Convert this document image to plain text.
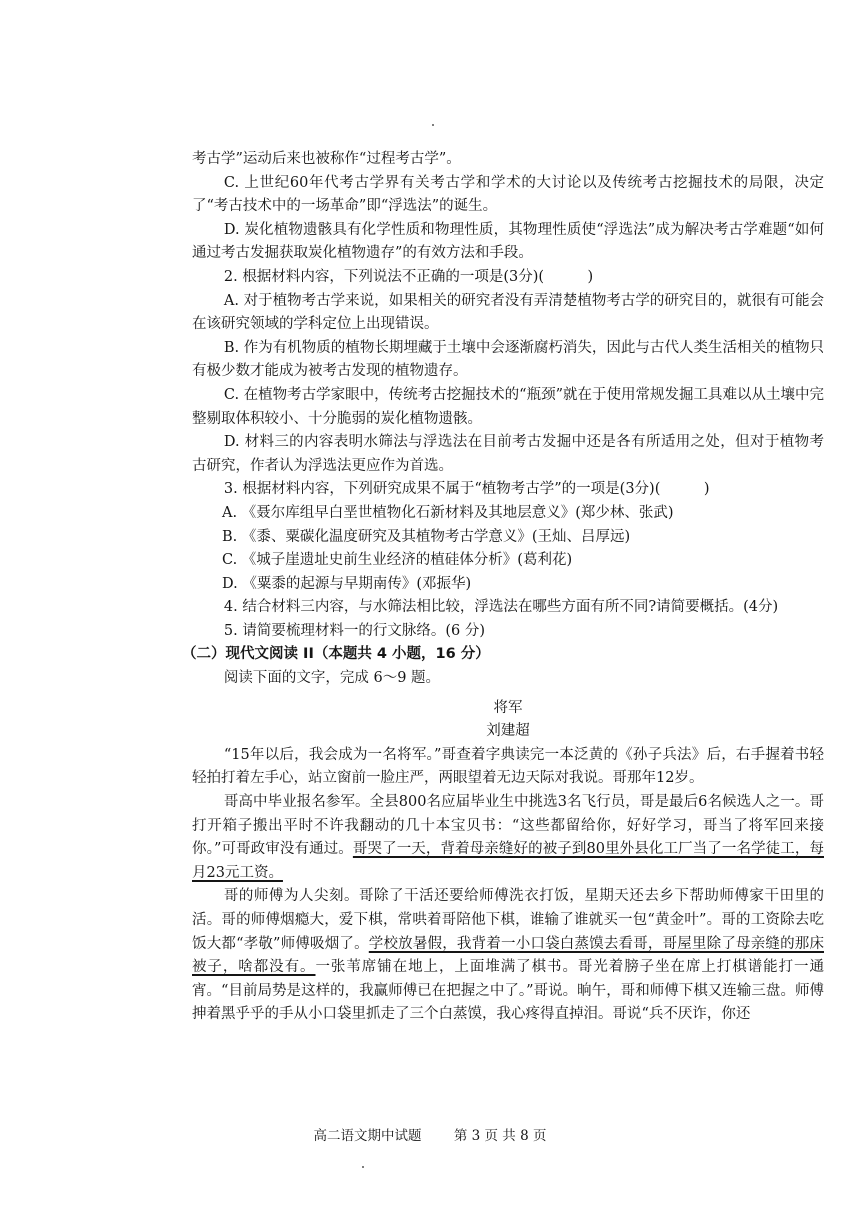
考古学”运动后来也被称作“过程考古学”。

C. 上世纪60年代考古学界有关考古学和学术的大讨论以及传统考古挖掘技术的局限，决定了“考古技术中的一场革命”即“浮选法”的诞生。

D. 炭化植物遗骸具有化学性质和物理性质，其物理性质使“浮选法”成为解决考古学难题“如何通过考古发掘获取炭化植物遗存”的有效方法和手段。

2. 根据材料内容，下列说法不正确的一项是(3分)(　　　)

A. 对于植物考古学来说，如果相关的研究者没有弄清楚植物考古学的研究目的，就很有可能会在该研究领域的学科定位上出现错误。

B. 作为有机物质的植物长期埋藏于土壤中会逐渐腐朽消失，因此与古代人类生活相关的植物只有极少数才能成为被考古发现的植物遗存。

C. 在植物考古学家眼中，传统考古挖掘技术的“瓶颈”就在于使用常规发掘工具难以从土壤中完整剔取体积较小、十分脆弱的炭化植物遗骸。

D. 材料三的内容表明水筛法与浮选法在目前考古发掘中还是各有所适用之处，但对于植物考古研究，作者认为浮选法更应作为首选。

3. 根据材料内容，下列研究成果不属于“植物考古学”的一项是(3分)(　　　)

A. 《聂尔库组早白垩世植物化石新材料及其地层意义》(郑少林、张武)

B. 《黍、粟碳化温度研究及其植物考古学意义》(王灿、吕厚远)

C. 《城子崖遗址史前生业经济的植硅体分析》(葛利花)

D. 《粟黍的起源与早期南传》(邓振华)

4. 结合材料三内容，与水筛法相比较，浮选法在哪些方面有所不同?请简要概括。(4分)

5. 请简要梳理材料一的行文脉络。(6 分)

（二）现代文阅读 II（本题共 4 小题，16 分）

阅读下面的文字，完成 6～9 题。

将军

刘建超

“15年以后，我会成为一名将军。”哥查着字典读完一本泛黄的《孙子兵法》后，右手握着书轻轻拍打着左手心，站立窗前一脸庄严，两眼望着无边天际对我说。哥那年12岁。

哥高中毕业报名参军。全县800名应届毕业生中挑选3名飞行员，哥是最后6名候选人之一。哥打开箱子搬出平时不许我翻动的几十本宝贝书：“这些都留给你，好好学习，哥当了将军回来接你。”可哥政审没有通过。哥哭了一天，背着母亲缝好的被子到80里外县化工厂当了一名学徒工，每月23元工资。

哥的师傅为人尖刻。哥除了干活还要给师傅洗衣打饭，星期天还去乡下帮助师傅家干田里的活。哥的师傅烟瘾大，爱下棋，常哄着哥陪他下棋，谁输了谁就买一包“黄金叶”。哥的工资除去吃饭大都“孝敬”师傅吸烟了。学校放暑假，我背着一小口袋白蒸馍去看哥，哥屋里除了母亲缝的那床被子，啥都没有。一张苇席铺在地上，上面堆满了棋书。哥光着膀子坐在席上打棋谱能打一通宵。“目前局势是这样的，我赢师傅已在把握之中了。”哥说。晌午，哥和师傅下棋又连输三盘。师傅抻着黑乎乎的手从小口袋里抓走了三个白蒸馍，我心疼得直掉泪。哥说“兵不厌诈，你还

高二语文期中试题 第 3 页 共 8 页
